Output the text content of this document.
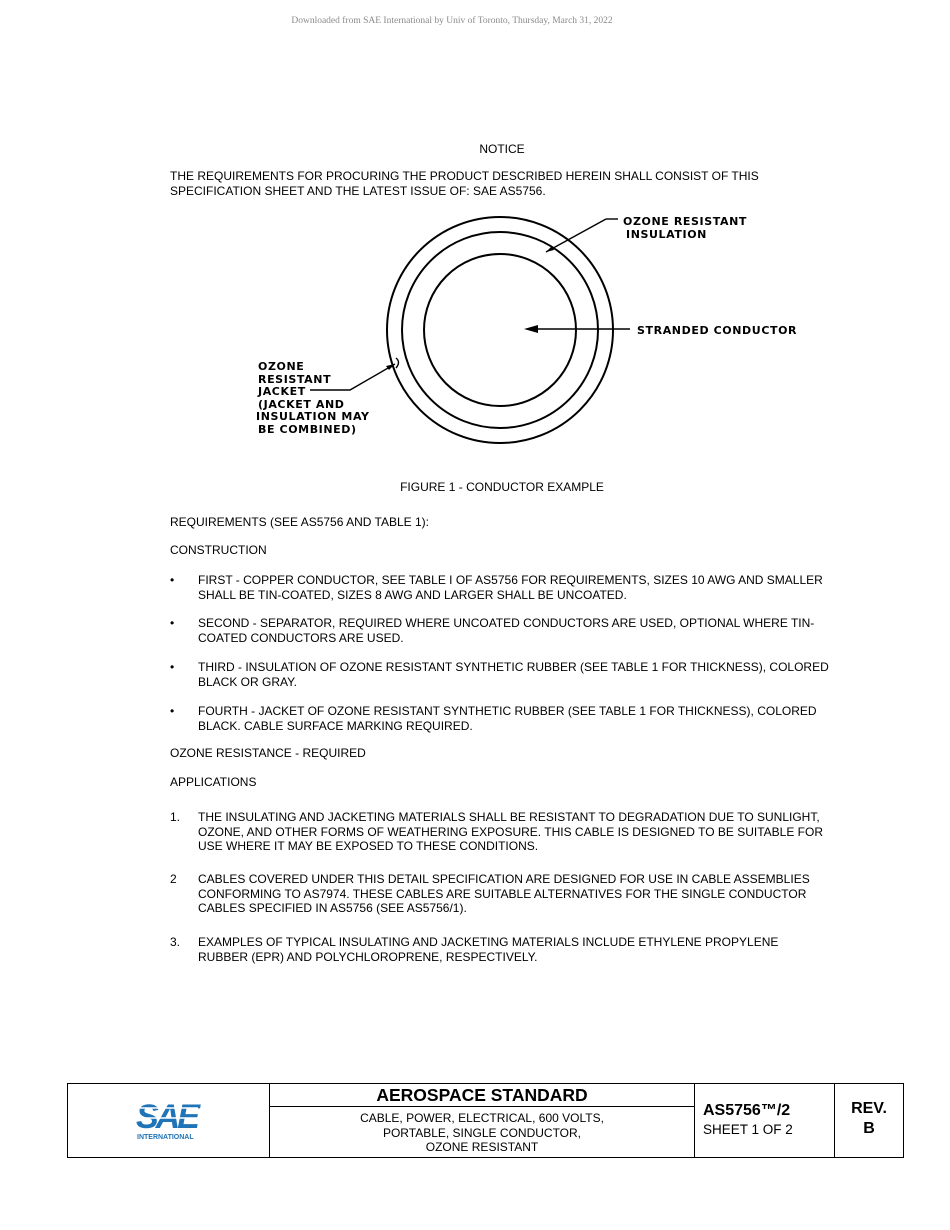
Downloaded from SAE International by Univ of Toronto, Thursday, March 31, 2022
NOTICE
THE REQUIREMENTS FOR PROCURING THE PRODUCT DESCRIBED HEREIN SHALL CONSIST OF THIS
SPECIFICATION SHEET AND THE LATEST ISSUE OF: SAE AS5756.
OZONE RESISTANT
INSULATION
STRANDED CONDUCTOR
OZONE
RESISTANT
JACKET
(JACKET AND
INSULATION MAY
BE COMBINED)
FIGURE 1 - CONDUCTOR EXAMPLE
REQUIREMENTS (SEE AS5756 AND TABLE 1):
CONSTRUCTION
•	FIRST - COPPER CONDUCTOR, SEE TABLE I OF AS5756 FOR REQUIREMENTS, SIZES 10 AWG AND SMALLER
SHALL BE TIN-COATED, SIZES 8 AWG AND LARGER SHALL BE UNCOATED.
•	SECOND - SEPARATOR, REQUIRED WHERE UNCOATED CONDUCTORS ARE USED, OPTIONAL WHERE TIN-
COATED CONDUCTORS ARE USED.
•	THIRD - INSULATION OF OZONE RESISTANT SYNTHETIC RUBBER (SEE TABLE 1 FOR THICKNESS), COLORED
BLACK OR GRAY.
•	FOURTH - JACKET OF OZONE RESISTANT SYNTHETIC RUBBER (SEE TABLE 1 FOR THICKNESS), COLORED
BLACK. CABLE SURFACE MARKING REQUIRED.
OZONE RESISTANCE - REQUIRED
APPLICATIONS
1.	THE INSULATING AND JACKETING MATERIALS SHALL BE RESISTANT TO DEGRADATION DUE TO SUNLIGHT,
OZONE, AND OTHER FORMS OF WEATHERING EXPOSURE. THIS CABLE IS DESIGNED TO BE SUITABLE FOR
USE WHERE IT MAY BE EXPOSED TO THESE CONDITIONS.
2	CABLES COVERED UNDER THIS DETAIL SPECIFICATION ARE DESIGNED FOR USE IN CABLE ASSEMBLIES
CONFORMING TO AS7974. THESE CABLES ARE SUITABLE ALTERNATIVES FOR THE SINGLE CONDUCTOR
CABLES SPECIFIED IN AS5756 (SEE AS5756/1).
3.	EXAMPLES OF TYPICAL INSULATING AND JACKETING MATERIALS INCLUDE ETHYLENE PROPYLENE
RUBBER (EPR) AND POLYCHLOROPRENE, RESPECTIVELY.
SAE
INTERNATIONAL
AEROSPACE STANDARD
CABLE, POWER, ELECTRICAL, 600 VOLTS,
PORTABLE, SINGLE CONDUCTOR,
OZONE RESISTANT
AS5756™/2
SHEET 1 OF 2
REV.
B
